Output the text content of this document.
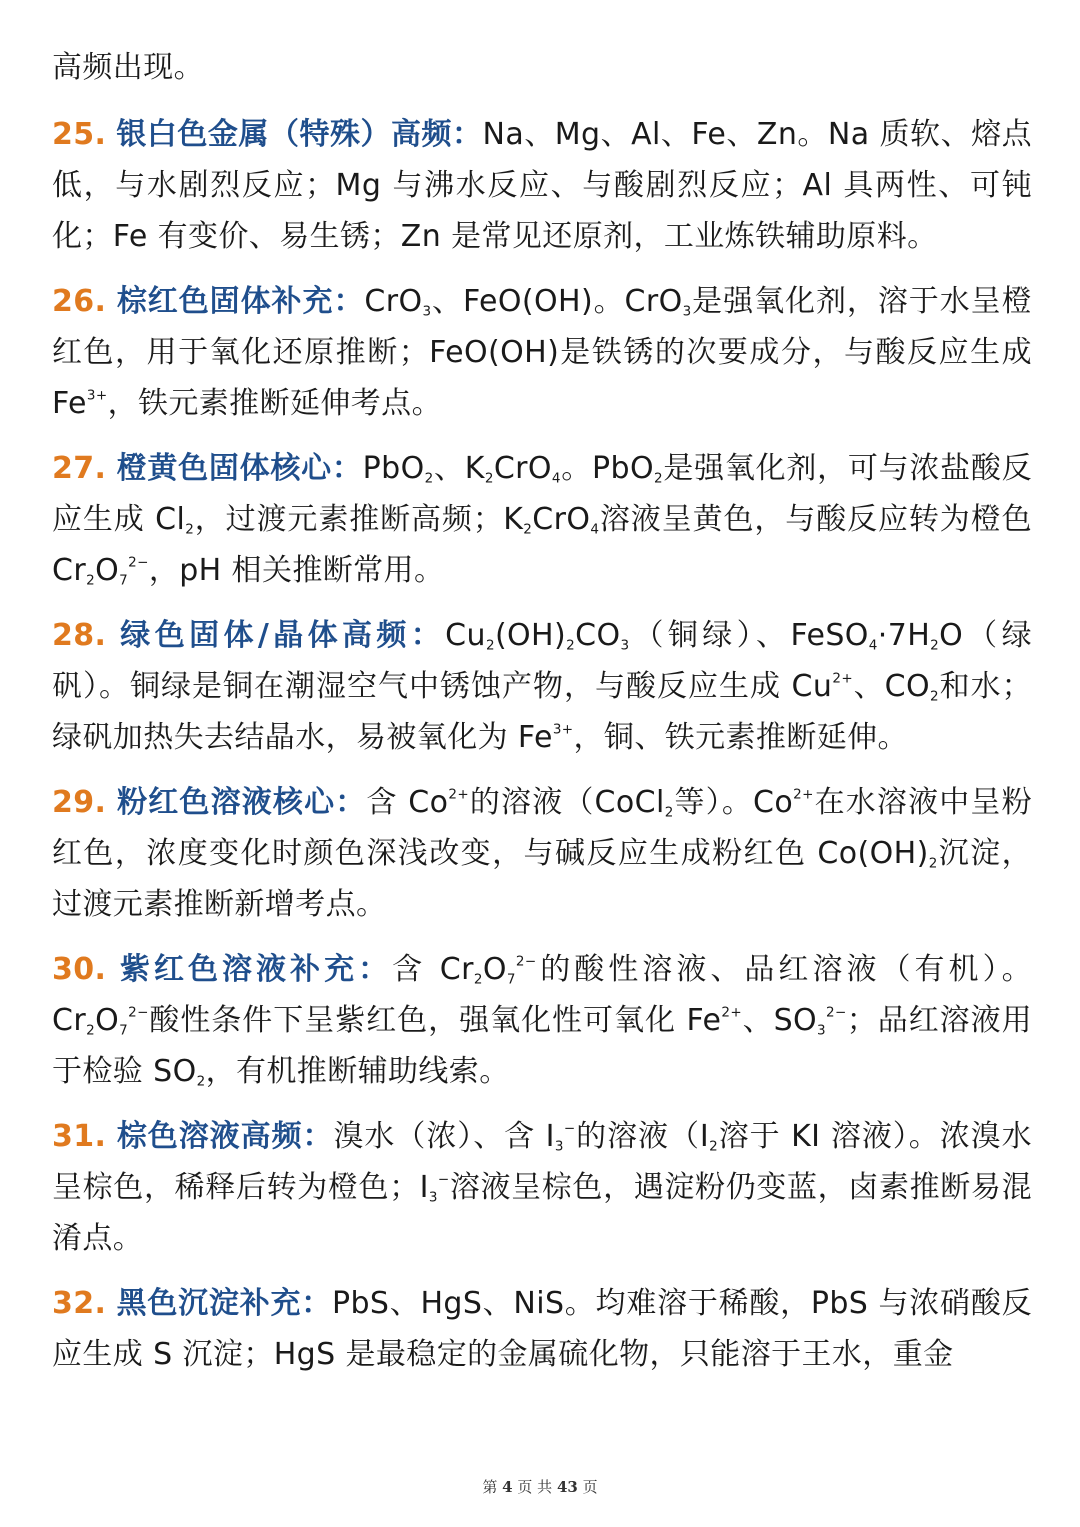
高频出现。

25. 银白色金属（特殊）高频：Na、Mg、Al、Fe、Zn。Na 质软、熔点低，与水剧烈反应；Mg 与沸水反应、与酸剧烈反应；Al 具两性、可钝化；Fe 有变价、易生锈；Zn 是常见还原剂，工业炼铁辅助原料。

26. 棕红色固体补充：CrO$_3$、FeO(OH)。CrO$_3$是强氧化剂，溶于水呈橙红色，用于氧化还原推断；FeO(OH)是铁锈的次要成分，与酸反应生成 $Fe^{3+}$，铁元素推断延伸考点。

27. 橙黄色固体核心：PbO$_2$、$K_2CrO_4$。PbO$_2$是强氧化剂，可与浓盐酸反应生成 $Cl_2$，过渡元素推断高频；$K_2CrO_4$溶液呈黄色，与酸反应转为橙色 $Cr_2O_7^{2-}$，pH 相关推断常用。

28. 绿色固体/晶体高频：$Cu_2(OH)_2CO_3$（铜绿）、$FeSO_4\cdot 7H_2O$（绿矾）。铜绿是铜在潮湿空气中锈蚀产物，与酸反应生成 $Cu^{2+}$、$CO_2$和水；绿矾加热失去结晶水，易被氧化为 $Fe^{3+}$，铜、铁元素推断延伸。

29. 粉红色溶液核心：含 $Co^{2+}$的溶液（CoCl$_2$等）。$Co^{2+}$在水溶液中呈粉红色，浓度变化时颜色深浅改变，与碱反应生成粉红色 $Co(OH)_2$沉淀，过渡元素推断新增考点。

30. 紫红色溶液补充：含 $Cr_2O_7^{2-}$的酸性溶液、品红溶液（有机）。$Cr_2O_7^{2-}$酸性条件下呈紫红色，强氧化性可氧化 $Fe^{2+}$、$SO_3^{2-}$；品红溶液用于检验 $SO_2$，有机推断辅助线索。

31. 棕色溶液高频：溴水（浓）、含 $I_3^-$的溶液（$I_2$溶于 KI 溶液）。浓溴水呈棕色，稀释后转为橙色；$I_3^-$溶液呈棕色，遇淀粉仍变蓝，卤素推断易混淆点。

32. 黑色沉淀补充：PbS、HgS、NiS。均难溶于稀酸，PbS 与浓硝酸反应生成 S 沉淀；HgS 是最稳定的金属硫化物，只能溶于王水，重金

第 4 页 共 43 页
